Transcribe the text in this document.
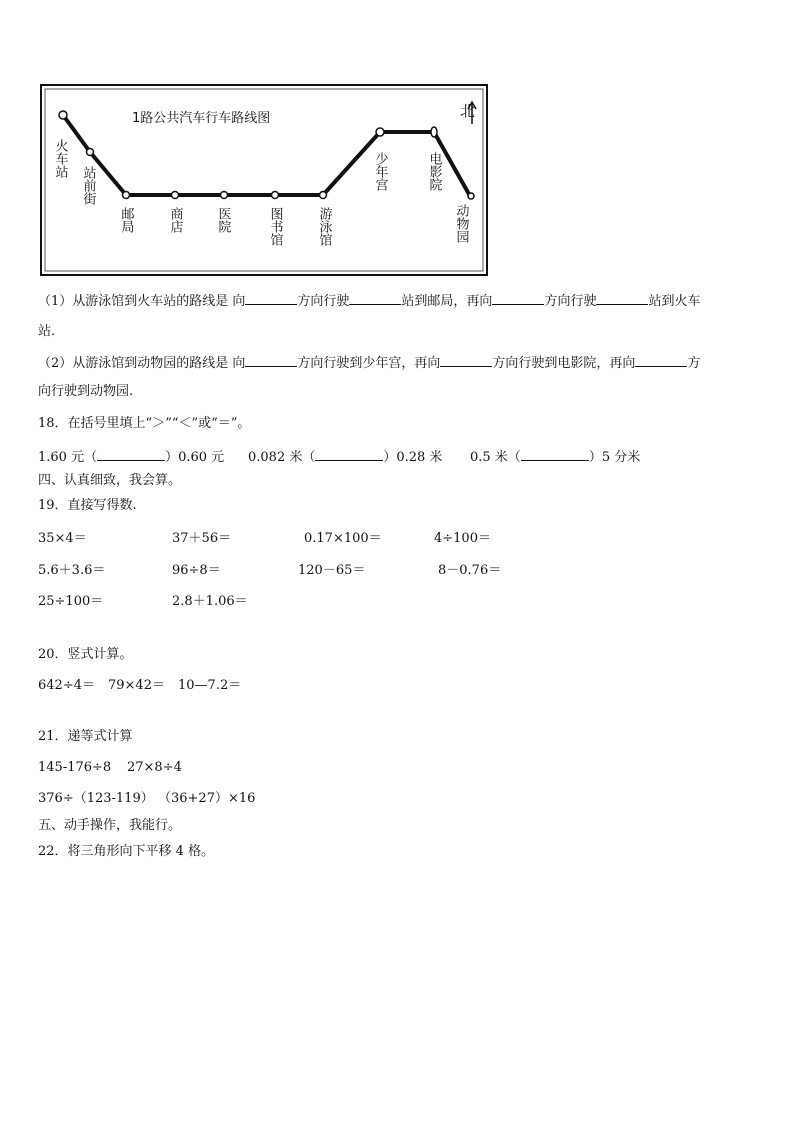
1路公共汽车行车路线图	北
火车站
站前街
邮局	商店	医院	图书馆	游泳馆
少年宫	电影院
动物园
（1）从游泳馆到火车站的路线是 向	方向行驶	站到邮局，再向	方向行驶	站到火车
站.
（2）从游泳馆到动物园的路线是 向	方向行驶到少年宫，再向	方向行驶到电影院，再向	方
向行驶到动物园.
18．在括号里填上“＞”“＜”或“＝”。
1.60 元（	）0.60 元 0.082 米（	）0.28 米 0.5 米（	）5 分米
四、认真细致，我会算。
19．直接写得数.
35×4＝	37＋56＝	0.17×100＝	4÷100＝
5.6＋3.6＝	96÷8＝	120－65＝	8－0.76＝
25÷100＝	2.8＋1.06＝
20．竖式计算。
642÷4＝ 79×42＝ 10—7.2＝
21．递等式计算
145-176÷8 27×8÷4
376÷（123-119） （36+27）×16
五、动手操作，我能行。
22．将三角形向下平移 4 格。
